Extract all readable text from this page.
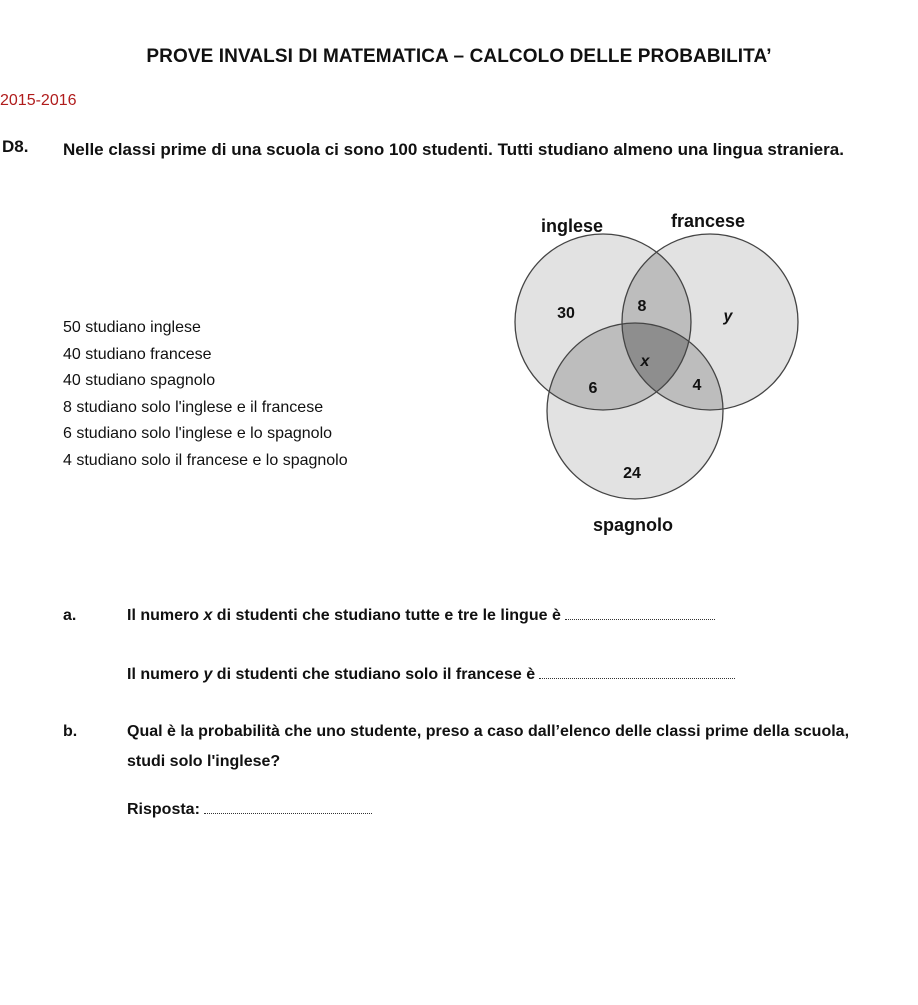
PROVE INVALSI DI MATEMATICA – CALCOLO DELLE PROBABILITA’
2015-2016
D8. Nelle classi prime di una scuola ci sono 100 studenti. Tutti studiano almeno una lingua straniera.
50 studiano inglese
40 studiano francese
40 studiano spagnolo
8 studiano solo l'inglese e il francese
6 studiano solo l'inglese e lo spagnolo
4 studiano solo il francese e lo spagnolo
inglese	francese
spagnolo
30	8
y
x
6	4
24
a.	Il numero x di studenti che studiano tutte e tre le lingue è
Il numero y di studenti che studiano solo il francese è
b.	Qual è la probabilità che uno studente, preso a caso dall’elenco delle classi prime della scuola, studi solo l'inglese?
Risposta:
